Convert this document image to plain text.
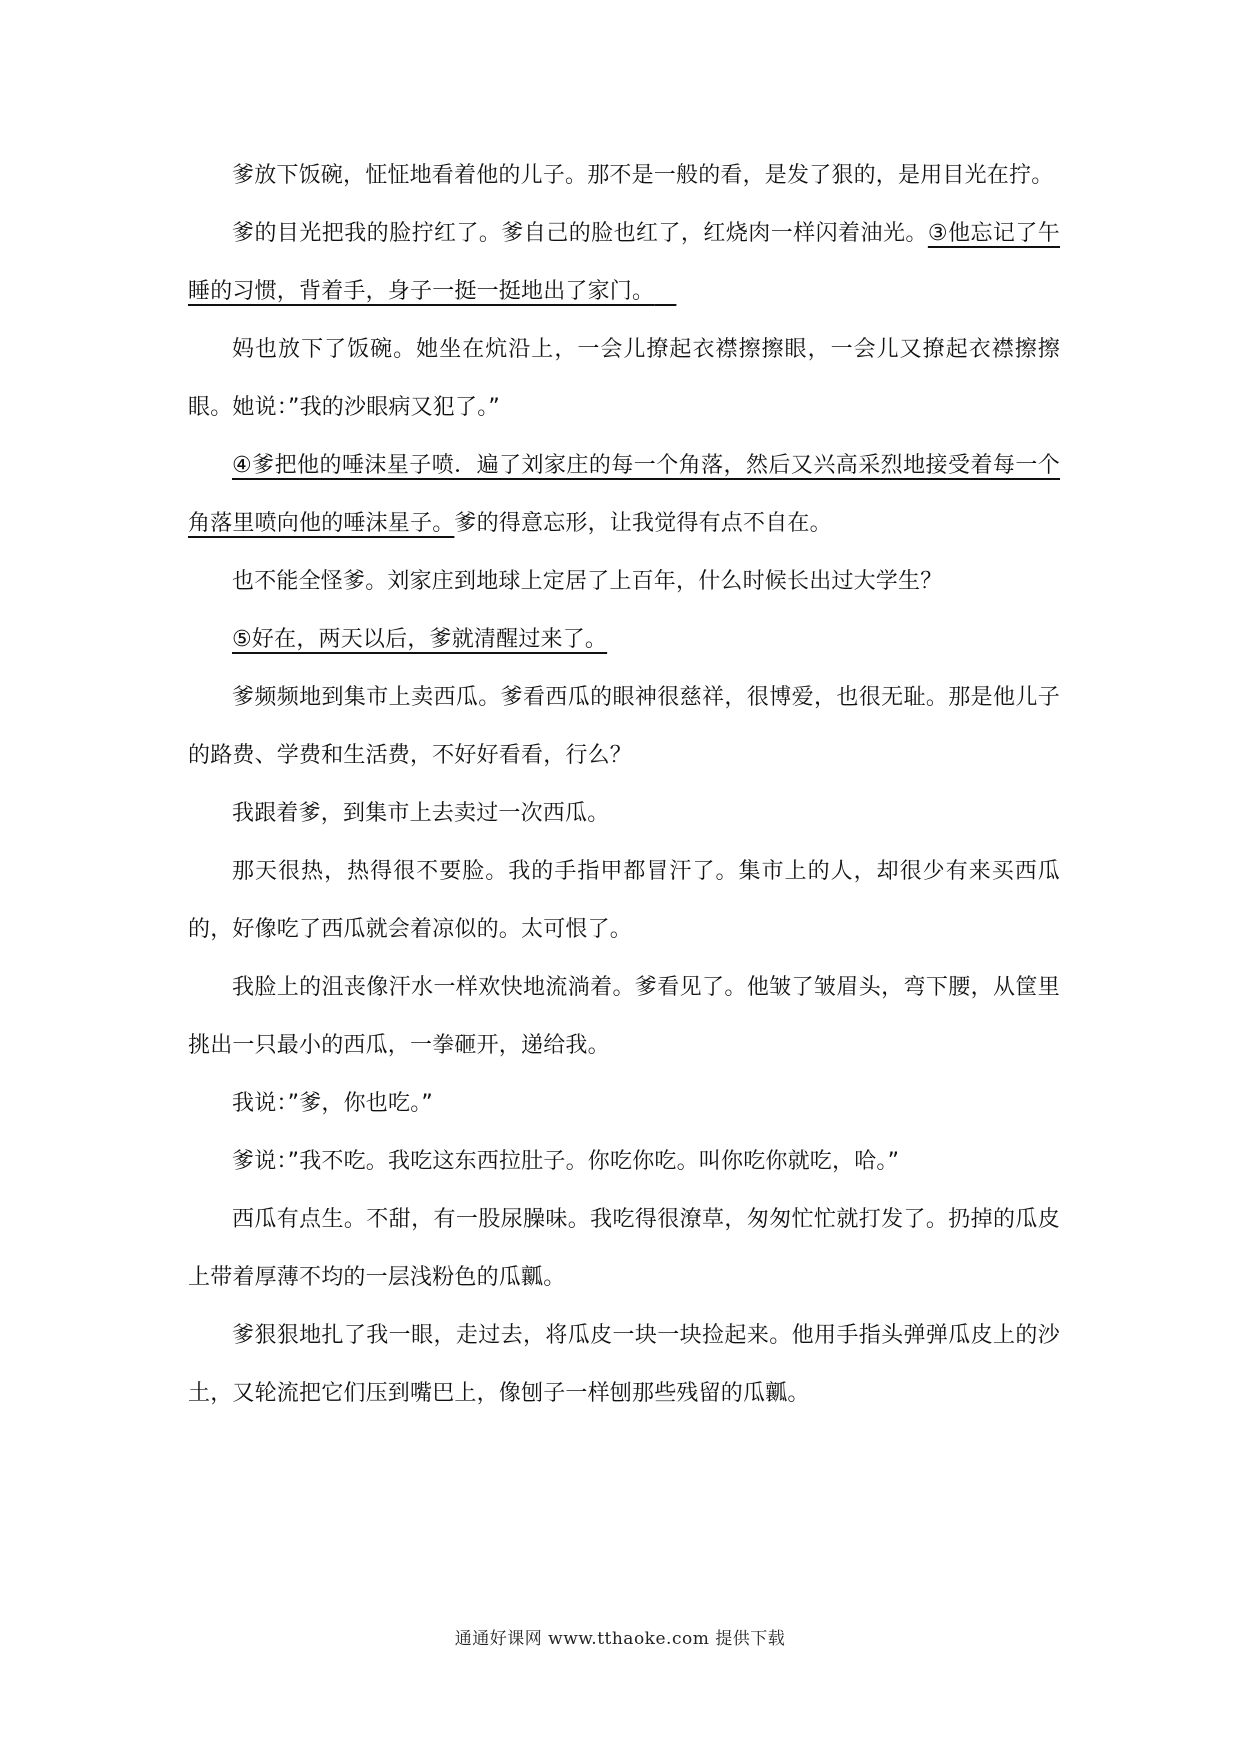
爹放下饭碗，怔怔地看着他的儿子。那不是一般的看，是发了狠的，是用目光在拧。

爹的目光把我的脸拧红了。爹自己的脸也红了，红烧肉一样闪着油光。③他忘记了午睡的习惯，背着手，身子一挺一挺地出了家门。 

妈也放下了饭碗。她坐在炕沿上，一会儿撩起衣襟擦擦眼，一会儿又撩起衣襟擦擦眼。她说：”我的沙眼病又犯了。”

④爹把他的唾沫星子喷．遍了刘家庄的每一个角落，然后又兴高采烈地接受着每一个角落里喷向他的唾沫星子。爹的得意忘形，让我觉得有点不自在。

也不能全怪爹。刘家庄到地球上定居了上百年，什么时候长出过大学生？

⑤好在，两天以后，爹就清醒过来了。

爹频频地到集市上卖西瓜。爹看西瓜的眼神很慈祥，很博爱，也很无耻。那是他儿子的路费、学费和生活费，不好好看看，行么？

我跟着爹，到集市上去卖过一次西瓜。

那天很热，热得很不要脸。我的手指甲都冒汗了。集市上的人，却很少有来买西瓜的，好像吃了西瓜就会着凉似的。太可恨了。

我脸上的沮丧像汗水一样欢快地流淌着。爹看见了。他皱了皱眉头，弯下腰，从筐里挑出一只最小的西瓜，一拳砸开，递给我。

我说：”爹，你也吃。”

爹说：”我不吃。我吃这东西拉肚子。你吃你吃。叫你吃你就吃，哈。”

西瓜有点生。不甜，有一股尿臊味。我吃得很潦草，匆匆忙忙就打发了。扔掉的瓜皮上带着厚薄不均的一层浅粉色的瓜瓤。

爹狠狠地扎了我一眼，走过去，将瓜皮一块一块捡起来。他用手指头弹弹瓜皮上的沙土，又轮流把它们压到嘴巴上，像刨子一样刨那些残留的瓜瓤。

通通好课网 www.tthaoke.com 提供下载
